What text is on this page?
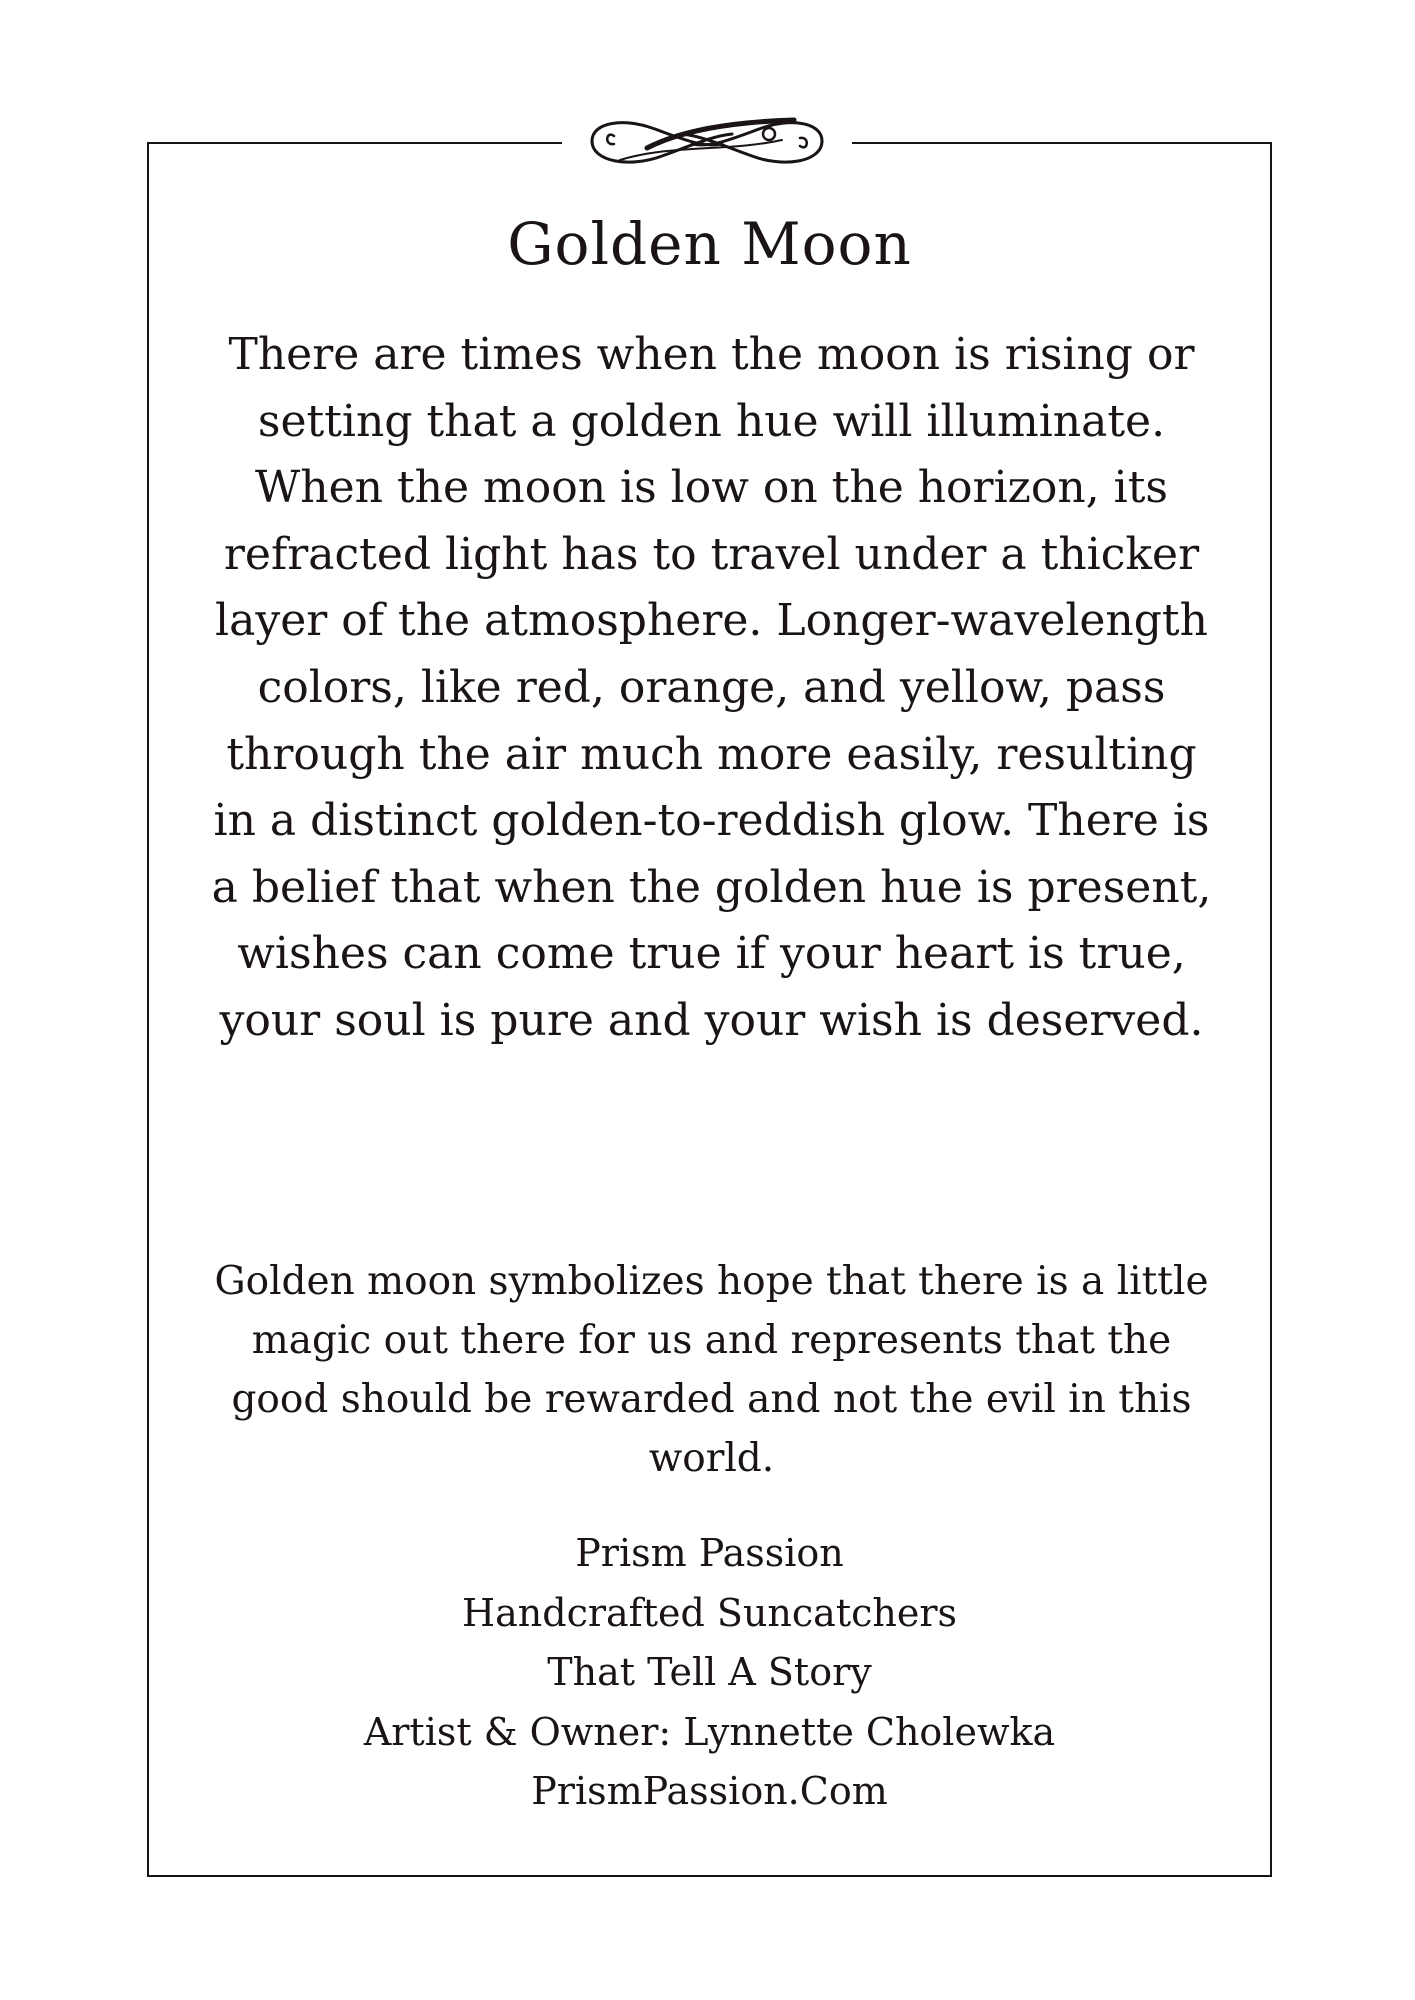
Golden Moon

There are times when the moon is rising or setting that a golden hue will illuminate. When the moon is low on the horizon, its refracted light has to travel under a thicker layer of the atmosphere. Longer-wavelength colors, like red, orange, and yellow, pass through the air much more easily, resulting in a distinct golden-to-reddish glow. There is a belief that when the golden hue is present, wishes can come true if your heart is true, your soul is pure and your wish is deserved.

Golden moon symbolizes hope that there is a little magic out there for us and represents that the good should be rewarded and not the evil in this world.

Prism Passion
Handcrafted Suncatchers
That Tell A Story
Artist & Owner: Lynnette Cholewka
PrismPassion.Com
